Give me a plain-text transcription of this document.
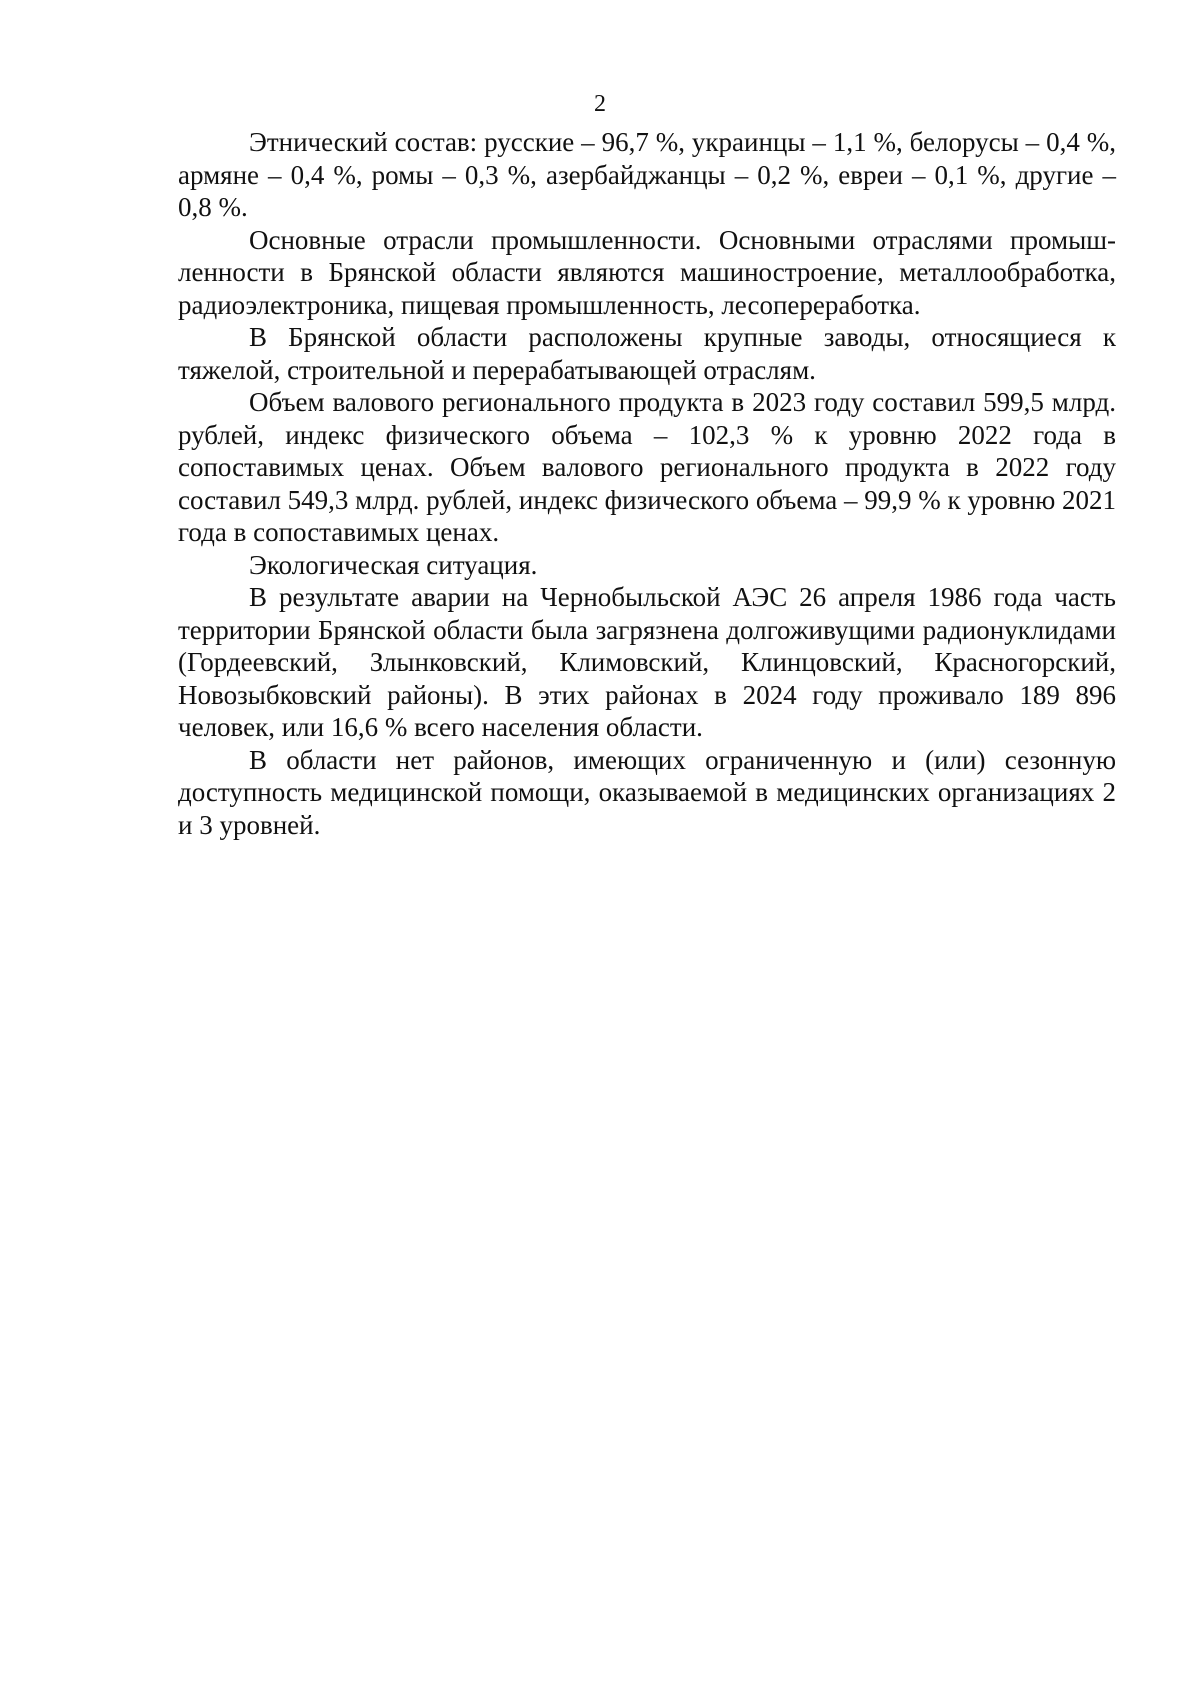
2

Этнический состав: русские – 96,7 %, украинцы – 1,1 %, белорусы – 0,4 %, армяне – 0,4 %, ромы – 0,3 %, азербайджанцы – 0,2 %, евреи – 0,1 %, другие – 0,8 %.

Основные отрасли промышленности. Основными отраслями промышленности в Брянской области являются машиностроение, металлообработка, радиоэлектроника, пищевая промышленность, лесопереработка.

В Брянской области расположены крупные заводы, относящиеся к тяжелой, строительной и перерабатывающей отраслям.

Объем валового регионального продукта в 2023 году составил 599,5 млрд. рублей, индекс физического объема – 102,3 % к уровню 2022 года в сопоставимых ценах. Объем валового регионального продукта в 2022 году составил 549,3 млрд. рублей, индекс физического объема – 99,9 % к уровню 2021 года в сопоставимых ценах.

Экологическая ситуация.

В результате аварии на Чернобыльской АЭС 26 апреля 1986 года часть территории Брянской области была загрязнена долгоживущими радионуклидами (Гордеевский, Злынковский, Климовский, Клинцовский, Красногорский, Новозыбковский районы). В этих районах в 2024 году проживало 189 896 человек, или 16,6 % всего населения области.

В области нет районов, имеющих ограниченную и (или) сезонную доступность медицинской помощи, оказываемой в медицинских организациях 2 и 3 уровней.
